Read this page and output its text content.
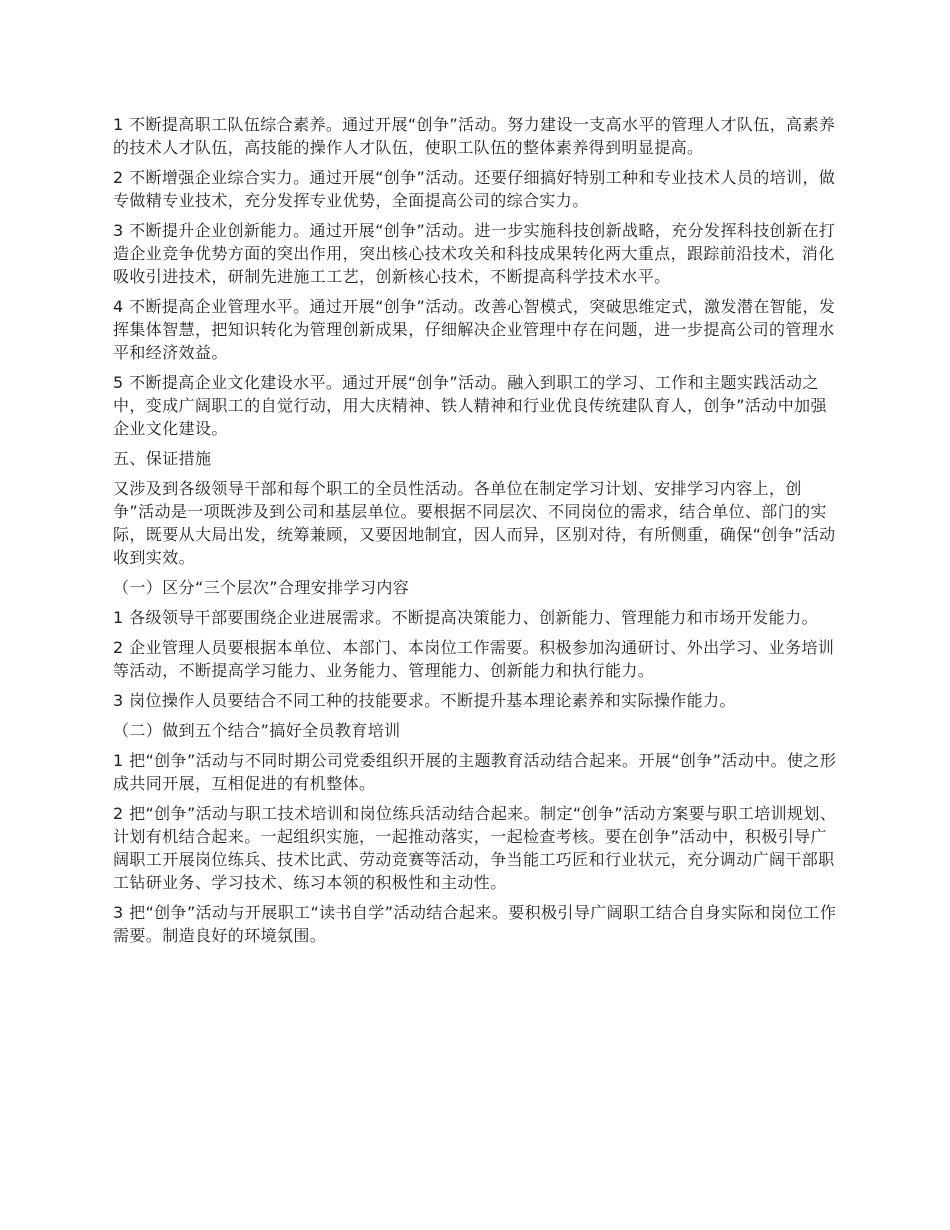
1 不断提高职工队伍综合素养。通过开展“创争”活动。努力建设一支高水平的管理人才队伍，高素养的技术人才队伍，高技能的操作人才队伍，使职工队伍的整体素养得到明显提高。

2 不断增强企业综合实力。通过开展“创争”活动。还要仔细搞好特别工种和专业技术人员的培训，做专做精专业技术，充分发挥专业优势，全面提高公司的综合实力。

3 不断提升企业创新能力。通过开展“创争”活动。进一步实施科技创新战略，充分发挥科技创新在打造企业竞争优势方面的突出作用，突出核心技术攻关和科技成果转化两大重点，跟踪前沿技术，消化吸收引进技术，研制先进施工工艺，创新核心技术，不断提高科学技术水平。

4 不断提高企业管理水平。通过开展“创争”活动。改善心智模式，突破思维定式，激发潜在智能，发挥集体智慧，把知识转化为管理创新成果，仔细解决企业管理中存在问题，进一步提高公司的管理水平和经济效益。

5 不断提高企业文化建设水平。通过开展“创争”活动。融入到职工的学习、工作和主题实践活动之中，变成广阔职工的自觉行动，用大庆精神、铁人精神和行业优良传统建队育人，创争”活动中加强企业文化建设。

五、保证措施

又涉及到各级领导干部和每个职工的全员性活动。各单位在制定学习计划、安排学习内容上，创争”活动是一项既涉及到公司和基层单位。要根据不同层次、不同岗位的需求，结合单位、部门的实际，既要从大局出发，统筹兼顾，又要因地制宜，因人而异，区别对待，有所侧重，确保“创争”活动收到实效。

（一）区分“三个层次”合理安排学习内容

1 各级领导干部要围绕企业进展需求。不断提高决策能力、创新能力、管理能力和市场开发能力。

2 企业管理人员要根据本单位、本部门、本岗位工作需要。积极参加沟通研讨、外出学习、业务培训等活动，不断提高学习能力、业务能力、管理能力、创新能力和执行能力。

3 岗位操作人员要结合不同工种的技能要求。不断提升基本理论素养和实际操作能力。

（二）做到五个结合”搞好全员教育培训

1 把“创争”活动与不同时期公司党委组织开展的主题教育活动结合起来。开展“创争”活动中。使之形成共同开展，互相促进的有机整体。

2 把“创争”活动与职工技术培训和岗位练兵活动结合起来。制定“创争”活动方案要与职工培训规划、计划有机结合起来。一起组织实施，一起推动落实，一起检查考核。要在创争”活动中，积极引导广阔职工开展岗位练兵、技术比武、劳动竞赛等活动，争当能工巧匠和行业状元，充分调动广阔干部职工钻研业务、学习技术、练习本领的积极性和主动性。

3 把“创争”活动与开展职工“读书自学”活动结合起来。要积极引导广阔职工结合自身实际和岗位工作需要。制造良好的环境氛围。
